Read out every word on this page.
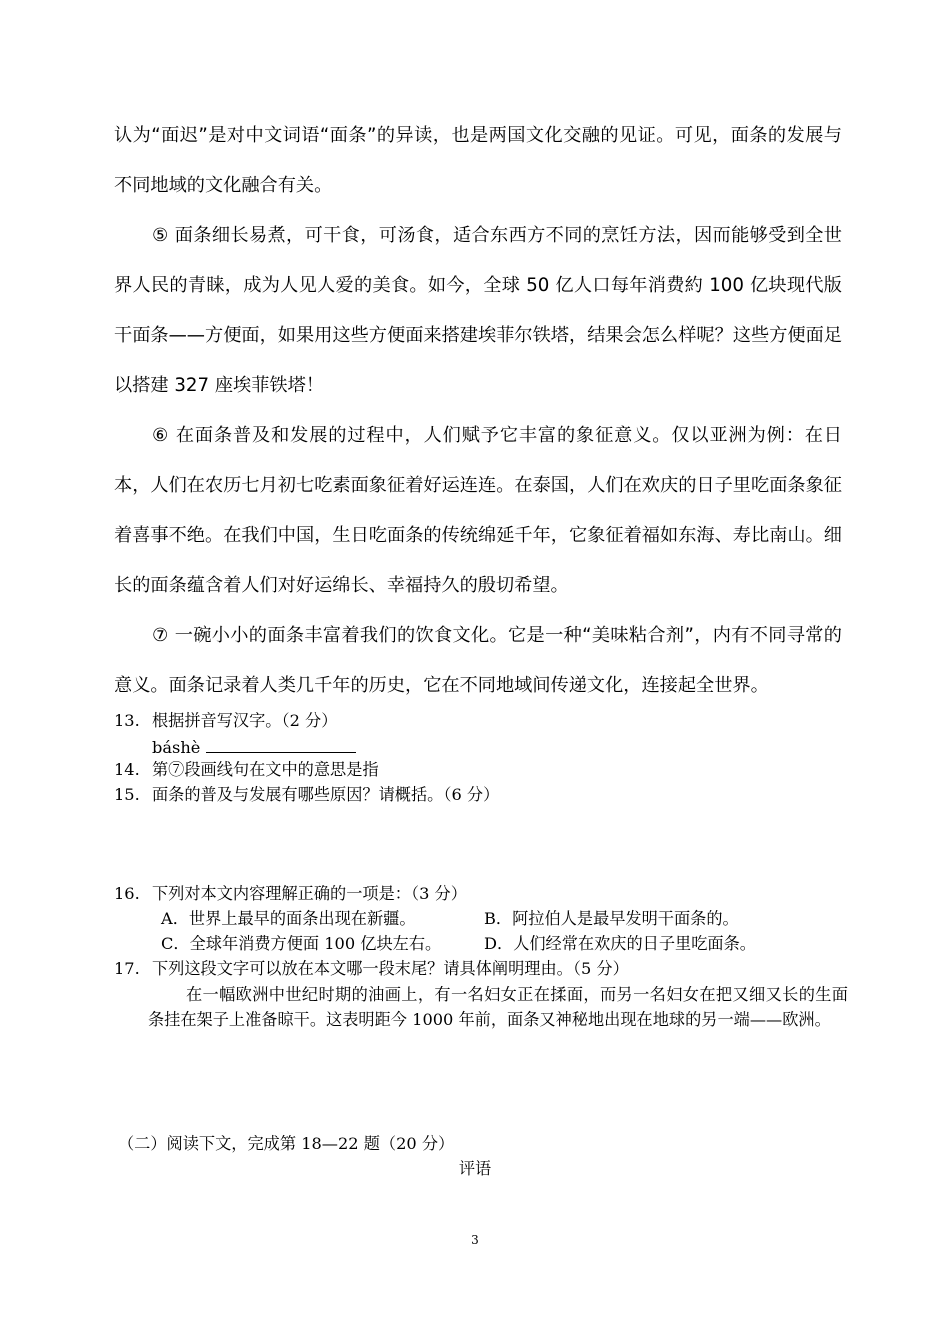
认为“面迟”是对中文词语“面条”的异读，也是两国文化交融的见证。可见，面条的发展与不同地域的文化融合有关。

⑤ 面条细长易煮，可干食，可汤食，适合东西方不同的烹饪方法，因而能够受到全世界人民的青睐，成为人见人爱的美食。如今，全球 50 亿人口每年消费約 100 亿块现代版干面条——方便面，如果用这些方便面来搭建埃菲尔铁塔，结果会怎么样呢？这些方便面足以搭建 327 座埃菲铁塔！

⑥ 在面条普及和发展的过程中，人们赋予它丰富的象征意义。仅以亚洲为例：在日本，人们在农历七月初七吃素面象征着好运连连。在泰国，人们在欢庆的日子里吃面条象征着喜事不绝。在我们中国，生日吃面条的传统绵延千年，它象征着福如东海、寿比南山。细长的面条蕴含着人们对好运绵长、幸福持久的殷切希望。

⑦ 一碗小小的面条丰富着我们的饮食文化。它是一种“美味粘合剂”，内有不同寻常的意义。面条记录着人类几千年的历史，它在不同地域间传递文化，连接起全世界。

13. 根据拼音写汉字。（2 分）
báshè
14. 第⑦段画线句在文中的意思是指
15. 面条的普及与发展有哪些原因？请概括。（6 分）
16. 下列对本文内容理解正确的一项是：（3 分）
A．世界上最早的面条出现在新疆。	B．阿拉伯人是最早发明干面条的。
C．全球年消费方便面 100 亿块左右。	D．人们经常在欢庆的日子里吃面条。
17. 下列这段文字可以放在本文哪一段末尾？请具体阐明理由。（5 分）

在一幅欧洲中世纪时期的油画上，有一名妇女正在揉面，而另一名妇女在把又细又长的生面条挂在架子上准备晾干。这表明距今 1000 年前，面条又神秘地出现在地球的另一端——欧洲。

（二）阅读下文，完成第 18—22 题（20 分）
评语
3
